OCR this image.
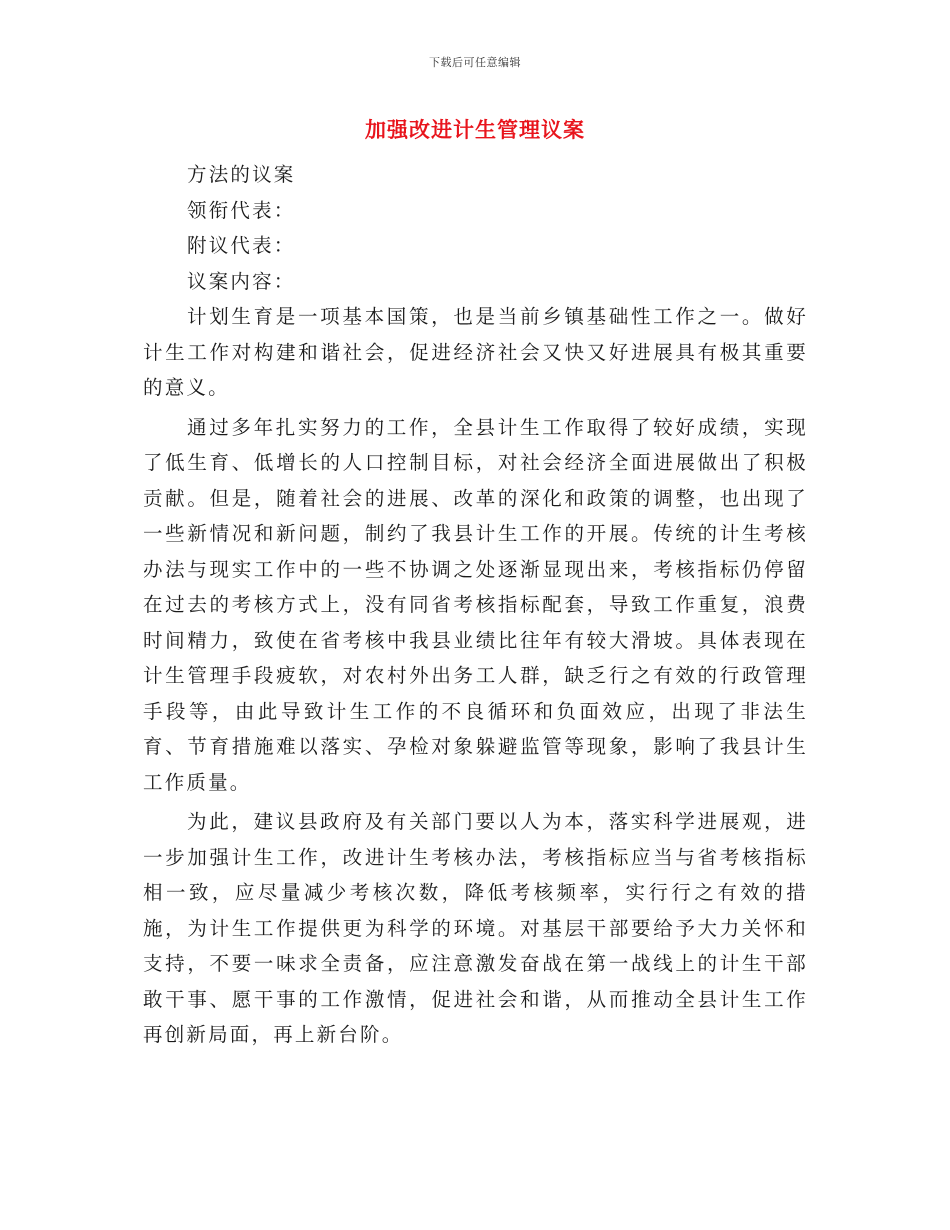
下载后可任意编辑
加强改进计生管理议案

方法的议案

领衔代表：

附议代表：

议案内容：

计划生育是一项基本国策，也是当前乡镇基础性工作之一。做好计生工作对构建和谐社会，促进经济社会又快又好进展具有极其重要的意义。

通过多年扎实努力的工作，全县计生工作取得了较好成绩，实现了低生育、低增长的人口控制目标，对社会经济全面进展做出了积极贡献。但是，随着社会的进展、改革的深化和政策的调整，也出现了一些新情况和新问题，制约了我县计生工作的开展。传统的计生考核办法与现实工作中的一些不协调之处逐渐显现出来，考核指标仍停留在过去的考核方式上，没有同省考核指标配套，导致工作重复，浪费时间精力，致使在省考核中我县业绩比往年有较大滑坡。具体表现在计生管理手段疲软，对农村外出务工人群，缺乏行之有效的行政管理手段等，由此导致计生工作的不良循环和负面效应，出现了非法生育、节育措施难以落实、孕检对象躲避监管等现象，影响了我县计生工作质量。

为此，建议县政府及有关部门要以人为本，落实科学进展观，进一步加强计生工作，改进计生考核办法，考核指标应当与省考核指标相一致，应尽量减少考核次数，降低考核频率，实行行之有效的措施，为计生工作提供更为科学的环境。对基层干部要给予大力关怀和支持，不要一味求全责备，应注意激发奋战在第一战线上的计生干部敢干事、愿干事的工作激情，促进社会和谐，从而推动全县计生工作再创新局面，再上新台阶。
